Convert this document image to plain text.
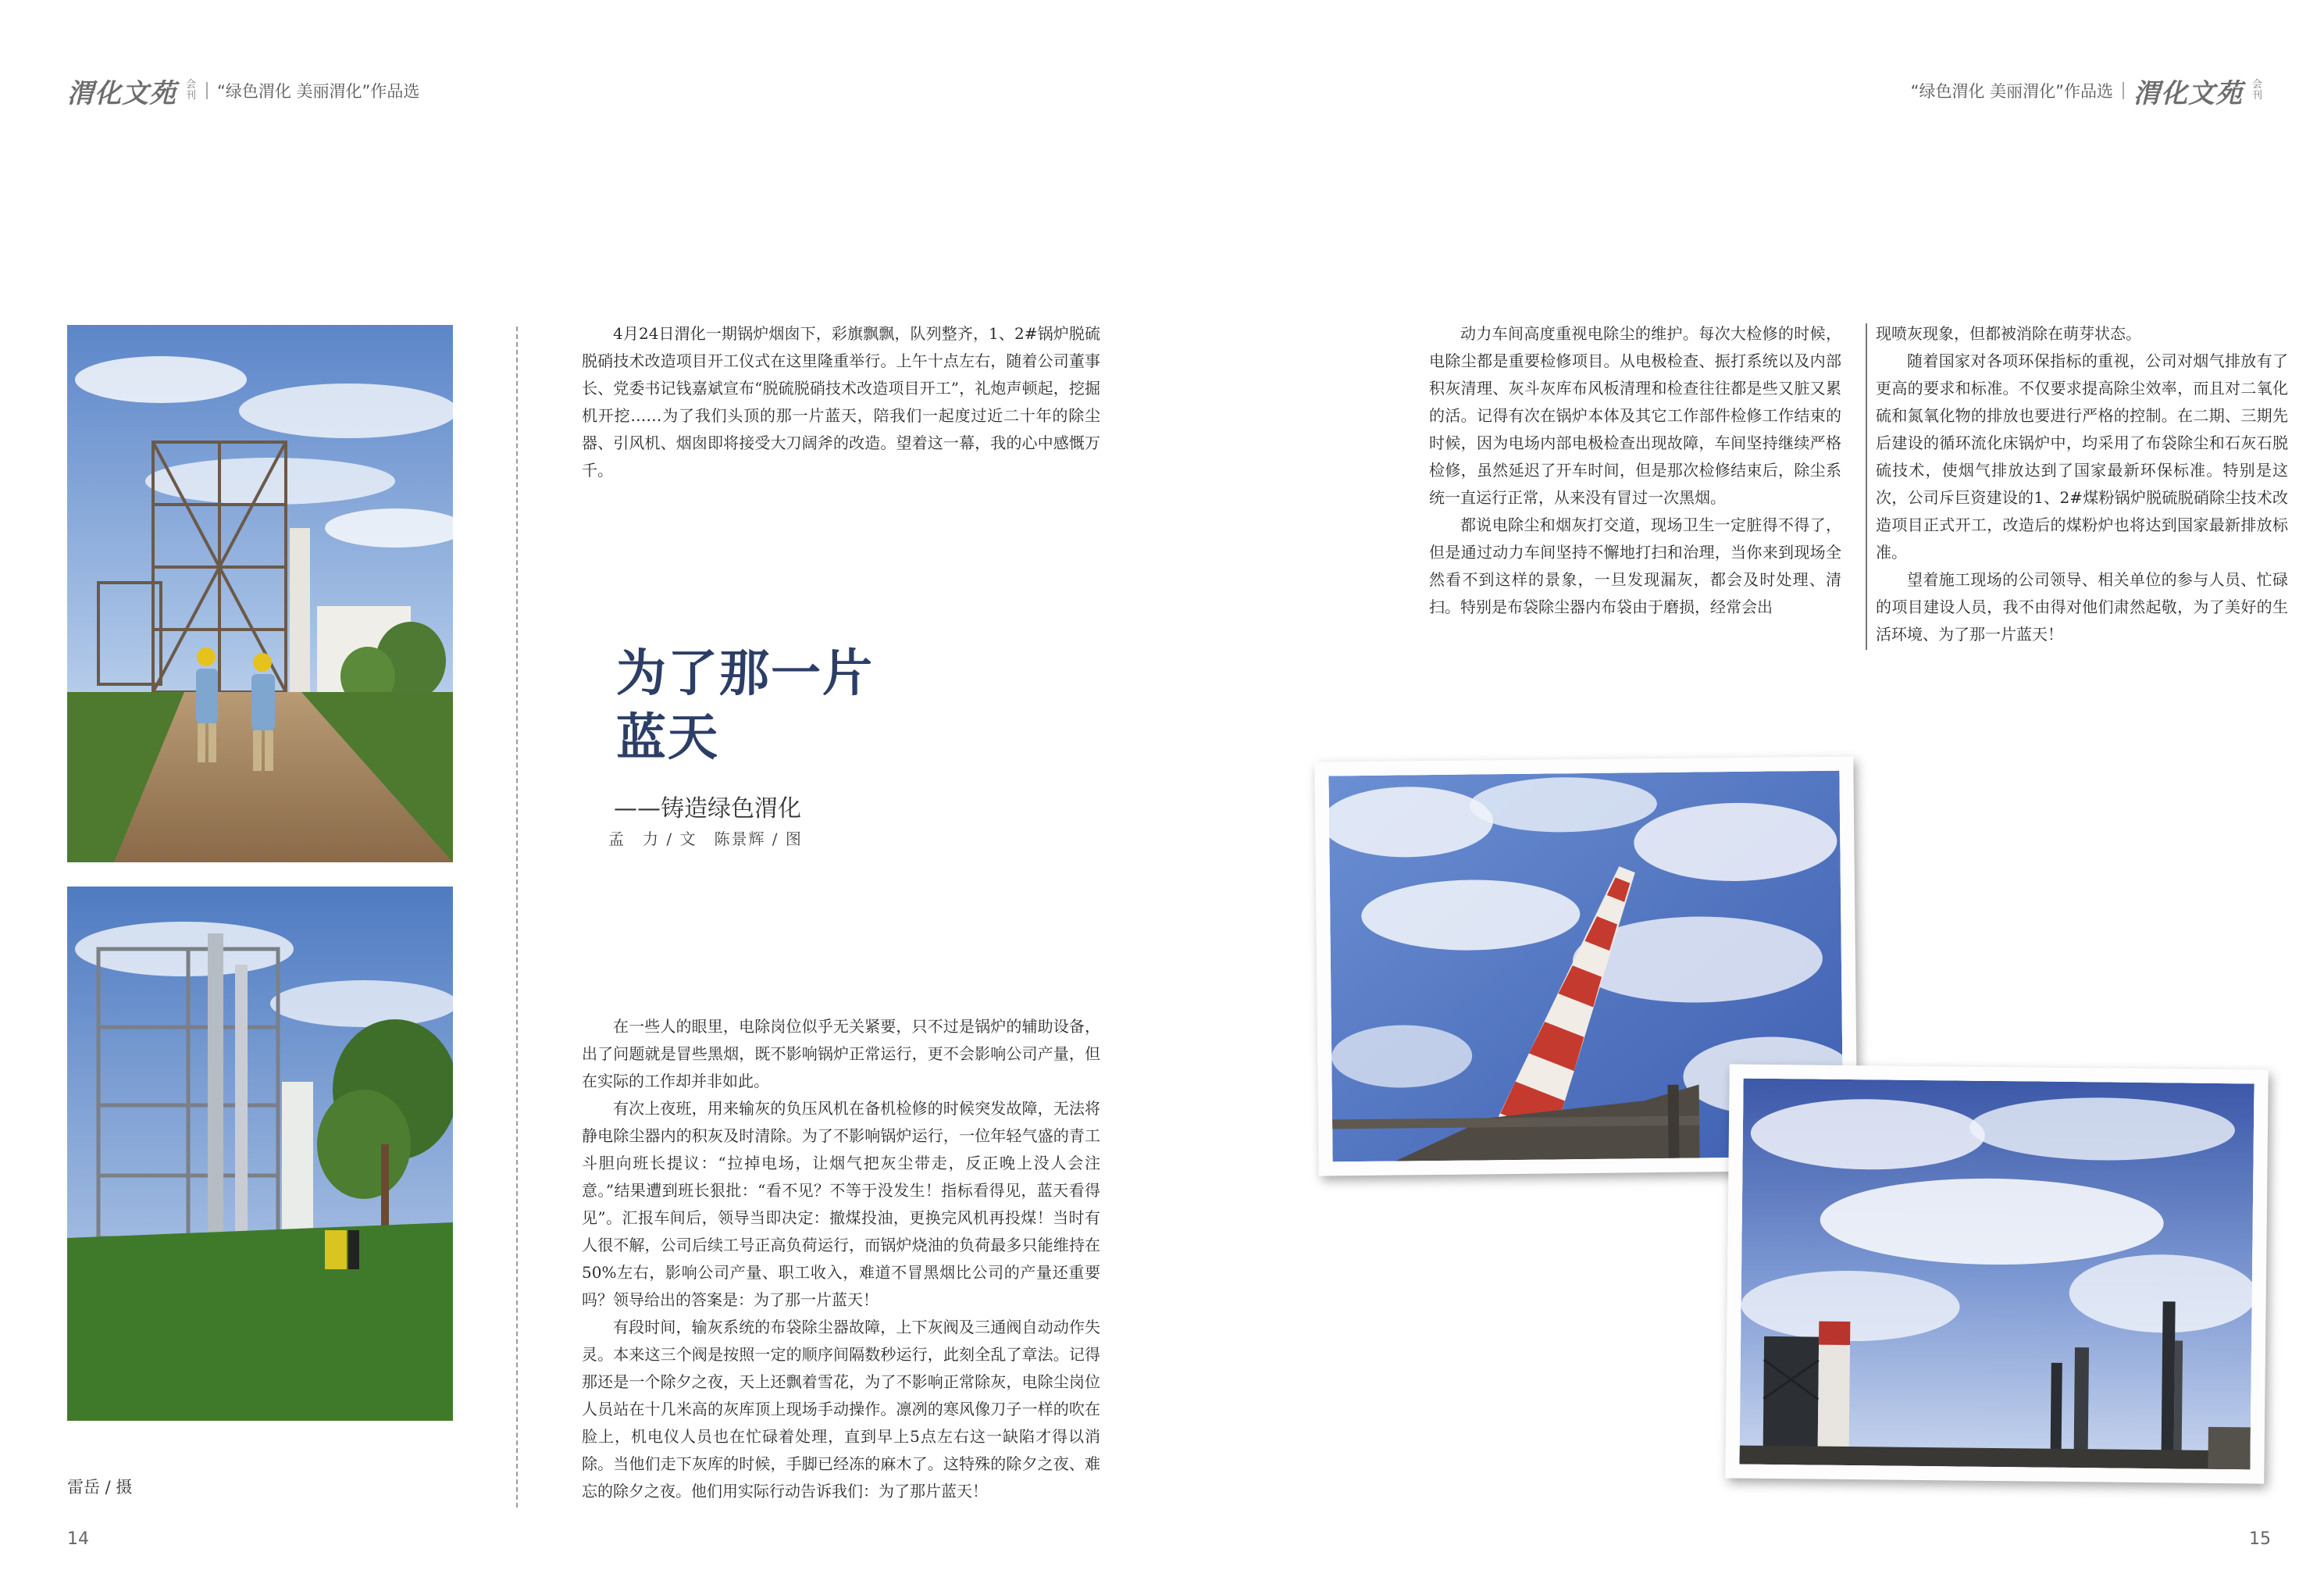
渭化文苑 会刊 “绿色渭化 美丽渭化”作品选	“绿色渭化 美丽渭化”作品选 渭化文苑 会刊
雷岳 / 摄

4月24日渭化一期锅炉烟囱下，彩旗飘飘，队列整齐，1、2#锅炉脱硫脱硝技术改造项目开工仪式在这里隆重举行。上午十点左右，随着公司董事长、党委书记钱嘉斌宣布“脱硫脱硝技术改造项目开工”，礼炮声顿起，挖掘机开挖……为了我们头顶的那一片蓝天，陪我们一起度过近二十年的除尘器、引风机、烟囱即将接受大刀阔斧的改造。望着这一幕，我的心中感慨万千。

为了那一片
蓝天
——铸造绿色渭化
孟　力 / 文　陈景辉 / 图

在一些人的眼里，电除岗位似乎无关紧要，只不过是锅炉的辅助设备，出了问题就是冒些黑烟，既不影响锅炉正常运行，更不会影响公司产量，但在实际的工作却并非如此。

有次上夜班，用来输灰的负压风机在备机检修的时候突发故障，无法将静电除尘器内的积灰及时清除。为了不影响锅炉运行，一位年轻气盛的青工斗胆向班长提议：“拉掉电场，让烟气把灰尘带走，反正晚上没人会注意。”结果遭到班长狠批：“看不见？不等于没发生！指标看得见，蓝天看得见”。汇报车间后，领导当即决定：撤煤投油，更换完风机再投煤！当时有人很不解，公司后续工号正高负荷运行，而锅炉烧油的负荷最多只能维持在50%左右，影响公司产量、职工收入，难道不冒黑烟比公司的产量还重要吗？领导给出的答案是：为了那一片蓝天！

有段时间，输灰系统的布袋除尘器故障，上下灰阀及三通阀自动动作失灵。本来这三个阀是按照一定的顺序间隔数秒运行，此刻全乱了章法。记得那还是一个除夕之夜，天上还飘着雪花，为了不影响正常除灰，电除尘岗位人员站在十几米高的灰库顶上现场手动操作。凛冽的寒风像刀子一样的吹在脸上，机电仪人员也在忙碌着处理，直到早上5点左右这一缺陷才得以消除。当他们走下灰库的时候，手脚已经冻的麻木了。这特殊的除夕之夜、难忘的除夕之夜。他们用实际行动告诉我们：为了那片蓝天！

动力车间高度重视电除尘的维护。每次大检修的时候，电除尘都是重要检修项目。从电极检查、振打系统以及内部积灰清理、灰斗灰库布风板清理和检查往往都是些又脏又累的活。记得有次在锅炉本体及其它工作部件检修工作结束的时候，因为电场内部电极检查出现故障，车间坚持继续严格检修，虽然延迟了开车时间，但是那次检修结束后，除尘系统一直运行正常，从来没有冒过一次黑烟。

都说电除尘和烟灰打交道，现场卫生一定脏得不得了，但是通过动力车间坚持不懈地打扫和治理，当你来到现场全然看不到这样的景象，一旦发现漏灰，都会及时处理、清扫。特别是布袋除尘器内布袋由于磨损，经常会出

现喷灰现象，但都被消除在萌芽状态。

随着国家对各项环保指标的重视，公司对烟气排放有了更高的要求和标准。不仅要求提高除尘效率，而且对二氧化硫和氮氧化物的排放也要进行严格的控制。在二期、三期先后建设的循环流化床锅炉中，均采用了布袋除尘和石灰石脱硫技术，使烟气排放达到了国家最新环保标准。特别是这次，公司斥巨资建设的1、2#煤粉锅炉脱硫脱硝除尘技术改造项目正式开工，改造后的煤粉炉也将达到国家最新排放标准。

望着施工现场的公司领导、相关单位的参与人员、忙碌的项目建设人员，我不由得对他们肃然起敬，为了美好的生活环境、为了那一片蓝天！

14	15
